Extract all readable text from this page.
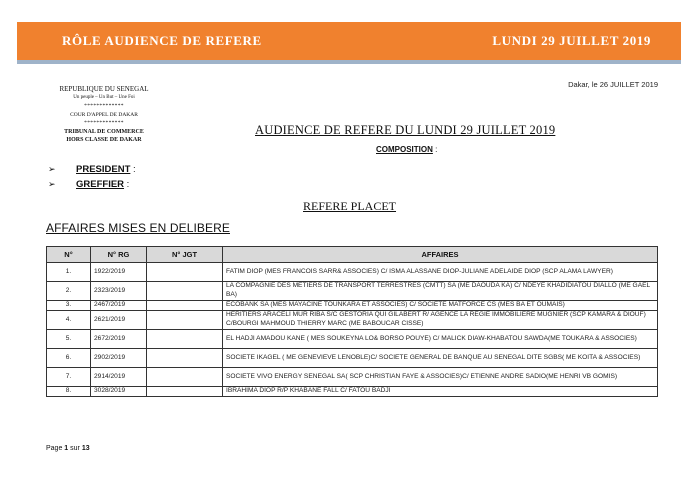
RÔLE AUDIENCE DE REFERE	LUNDI 29 JUILLET 2019
Dakar, le 26 JUILLET 2019
REPUBLIQUE DU SENEGAL
Un peuple – Un But – Une Foi
*************
COUR D'APPEL DE DAKAR
*************
TRIBUNAL DE COMMERCE
HORS CLASSE DE DAKAR
AUDIENCE DE REFERE DU LUNDI 29 JUILLET 2019
COMPOSITION :
➢ PRESIDENT :
➢ GREFFIER :
REFERE PLACET
AFFAIRES MISES EN DELIBERE
N°	N° RG	N° JGT	AFFAIRES
1.	1922/2019		FATIM DIOP (MES FRANCOIS SARR& ASSOCIES) C/ ISMA ALASSANE DIOP-JULIANE ADELAIDE DIOP (SCP ALAMA LAWYER)
2.	2323/2019		LA COMPAGNIE DES METIERS DE TRANSPORT TERRESTRES (CMTT) SA (ME DAOUDA KA) C/ NDEYE KHADIDIATOU DIALLO (ME GAEL BA)
3.	2467/2019		ECOBANK SA (MES MAYACINE TOUNKARA ET ASSOCIES) C/ SOCIETE MATFORCE CS (MES BA ET OUMAIS)
4.	2621/2019		HERITIERS ARACELI MUR RIBA S/C GESTORIA QUI GILABERT R/ AGENCE LA REGIE IMMOBILIERE MUGNIER (SCP KAMARA & DIOUF) C/BOURGI MAHMOUD THIERRY MARC (ME BABOUCAR CISSE)
5.	2672/2019		EL HADJI AMADOU KANE ( MES SOUKEYNA LO& BORSO POUYE) C/ MALICK DIAW-KHABATOU SAWDA(ME TOUKARA & ASSOCIES)
6.	2902/2019		SOCIETE IKAGEL ( ME GENEVIEVE LENOBLE)C/ SOCIETE GENERAL DE BANQUE AU SENEGAL DITE SGBS( ME KOITA & ASSOCIES)
7.	2914/2019		SOCIETE VIVO ENERGY SENEGAL SA( SCP CHRISTIAN FAYE & ASSOCIES)C/ ETIENNE ANDRE SADIO(ME HENRI VB GOMIS)
8.	3028/2019		IBRAHIMA DIOP R/P KHABANE FALL C/ FATOU BADJI
Page 1 sur 13
